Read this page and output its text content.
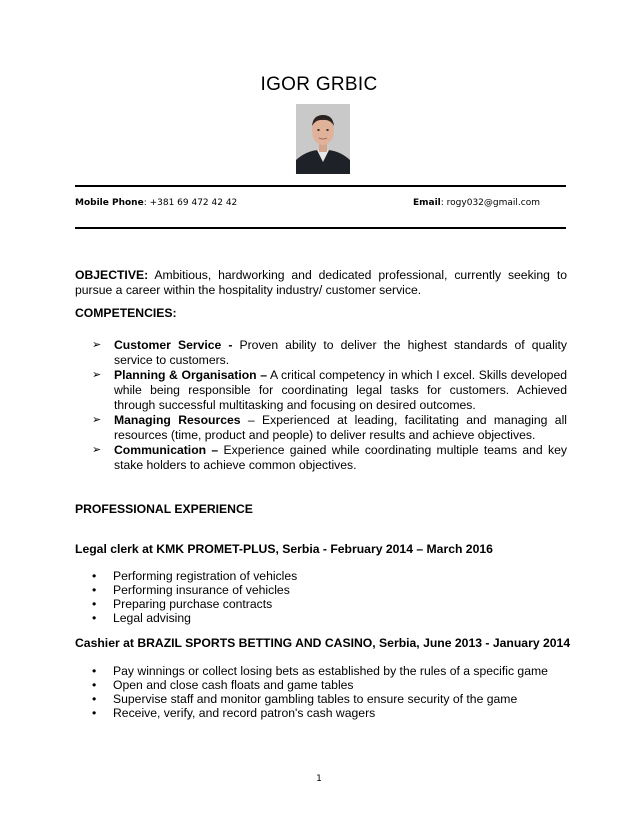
IGOR GRBIC
Mobile Phone: +381 69 472 42 42	Email: rogy032@gmail.com
OBJECTIVE: Ambitious, hardworking and dedicated professional, currently seeking to pursue a career within the hospitality industry/ customer service.
COMPETENCIES:
➢ Customer Service - Proven ability to deliver the highest standards of quality service to customers.
➢ Planning & Organisation – A critical competency in which I excel. Skills developed while being responsible for coordinating legal tasks for customers. Achieved through successful multitasking and focusing on desired outcomes.
➢ Managing Resources – Experienced at leading, facilitating and managing all resources (time, product and people) to deliver results and achieve objectives.
➢ Communication – Experience gained while coordinating multiple teams and key stake holders to achieve common objectives.
PROFESSIONAL EXPERIENCE
Legal clerk at KMK PROMET-PLUS, Serbia - February 2014 – March 2016
• Performing registration of vehicles
• Performing insurance of vehicles
• Preparing purchase contracts
• Legal advising
Cashier at BRAZIL SPORTS BETTING AND CASINO, Serbia, June 2013 - January 2014
• Pay winnings or collect losing bets as established by the rules of a specific game
• Open and close cash floats and game tables
• Supervise staff and monitor gambling tables to ensure security of the game
• Receive, verify, and record patron's cash wagers
1
